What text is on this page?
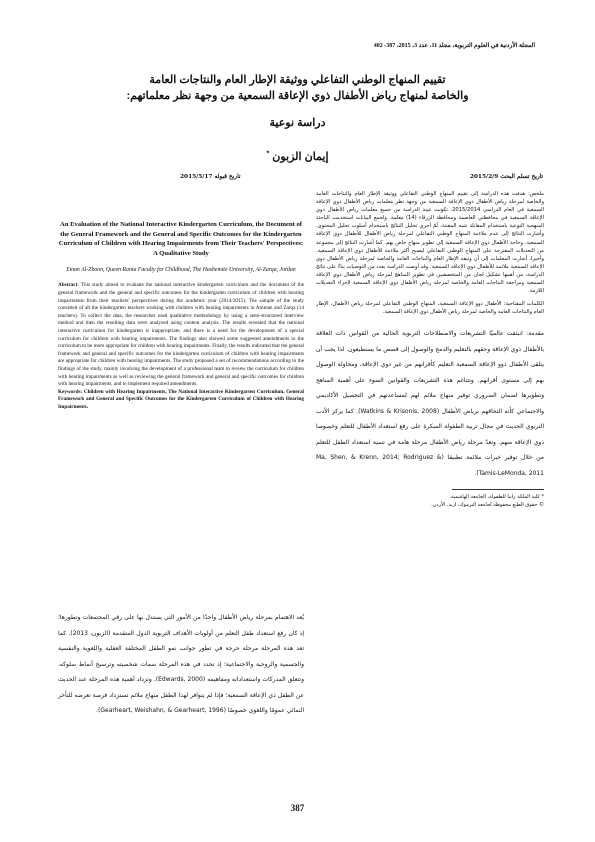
المجلة الأردنية في العلوم التربوية، مجلد 11، عدد 3، 2015، 387- 402
تقييم المنهاج الوطني التفاعلي ووثيقة الإطار العام والنتاجات العامة
والخاصة لمنهاج رياض الأطفال ذوي الإعاقة السمعية من وجهة نظر معلماتهم:
دراسة نوعية
إيمان الزبون *
تاريخ تسلم البحث 2015/2/9
تاريخ قبوله 2015/5/17
An Evaluation of the National Interactive Kindergarten Curriculum, the Document of the General Framework and the General and Specific Outcomes for the Kindergarten Curriculum of Children with Hearing Impairments from Their Teachers' Perspectives: A Qualitative Study
Eman Al-Zboon, Queen Rania Faculty for Childhood, The Hashemite University, Al-Zarqa, Jordan
Abstract: This study aimed to evaluate the national interactive kindergarten curriculum and the document of the general framework and the general and specific outcomes for the kindergarten curriculum of children with hearing impairments from their teachers' perspectives during the academic year (2014/2015). The sample of the study consisted of all the kindergarten teachers working with children with hearing impairments in Amman and Zarqa (14 teachers). To collect the data, the researcher used qualitative methodology by using a semi-structured interview method and then the resulting data were analyzed using content analysis. The results revealed that the national interactive curriculum for kindergarten is inappropriate, and there is a need for the development of a special curriculum for children with hearing impairments. The findings also showed some suggested amendments to the curriculum to be more appropriate for children with hearing impairments. Finally, the results indicated that the general framework and general and specific outcomes for the kindergarten curriculum of children with hearing impairments are appropriate for children with hearing impairments. The study proposed a set of recommendations according to the findings of the study, mainly involving the development of a professional team to review the curriculum for children with hearing impairments as well as reviewing the general framework and general and specific outcomes for children with hearing impairments, and to implement required amendments.
Keywords: Children with Hearing Impairments, The National Interactive Kindergarten Curriculum, General Framework and General and Specific Outcomes for the Kindergarten Curriculum of Children with Hearing Impairments.

ملخص: هدفت هذه الدراسة إلى تقييم المنهاج الوطني التفاعلي ووثيقة الإطار العام والنتاجات العامة والخاصة لمرحلة رياض الأطفال ذوي الإعاقة السمعية من وجهة نظر معلمات رياض الأطفال ذوي الإعاقة السمعية في العام الدراسي 2015/2014. تكونت عينة الدراسة من جميع معلمات رياض الأطفال ذوي الإعاقة السمعية في محافظتي العاصمة ومحافظة الزرقاء (14) معلمة. ولجمع البيانات استخدمت الباحثة المنهجية النوعية باستخدام المقابلة شبه المقننة، ثُمّ أجري تحليل النتائج باستخدام أسلوب تحليل المحتوى. وأشارت النتائج إلى عدم ملاءمة المنهاج الوطني التفاعلي لمرحلة رياض الأطفال للأطفال ذوي الإعاقة السمعية، وحاجة الأطفال ذوي الإعاقة السمعية إلى تطوير منهاج خاص بهم. كما أشارت النتائج إلى مجموعة من التعديلات المقترحة على المنهاج الوطني التفاعلي ليصبح أكثر ملاءمة للأطفال ذوي الإعاقة السمعية. وأخيرا، أشارت المعلمات إلى أن وثيقة الإطار العام والنتاجات العامة والخاصة لمرحلة رياض الأطفال ذوي الإعاقة السمعية ملائمة للأطفال ذوي الإعاقة السمعية. وقد أوصت الدراسة بعدد من التوصيات بناءً على نتائج الدراسة، من أهمها تشكيل لجان من المتخصصين في تطوير المناهج لمرحلة رياض الأطفال ذوي الإعاقة السمعية ومراجعة النتاجات العامة والخاصة لمرحلة رياض الأطفال ذوي الإعاقة السمعية لإجراء التعديلات اللازمة.

الكلمات المفتاحية: الأطفال ذوو الإعاقة السمعية، المنهاج الوطني التفاعلي لمرحلة رياض الأطفال، الإطار العام والنتاجات العامة والخاصة لمرحلة رياض الأطفال ذوي الإعاقة السمعية.

مقدمة: انبثقت عالميًا التشريعات والاصطلاحات التربوية الحالية من القوانين ذات العلاقة بالأطفال ذوي الإعاقة وحقهم بالتعليم والدمج والوصول إلى قصص ما يستطيعون. لذا يجب أن يتلقى الأطفال ذوو الإعاقة السمعية التعليم كأقرانهم من غير ذوي الإعاقة، ومحاولة الوصول بهم إلى مستوى أقرانهم. وتتناغم هذه التشريعات والقوانين الضوء على أهمية المناهج وتطويرها لضمان الضروري توفير منهاج ملائم لهم لمساعدتهم في التحصيل الأكاديمي والاجتماعي كأنه التحاقهم برياض الأطفال (Watkins & Krisonis, 2008). كما يركز الأدب التربوي الحديث في مجال تربية الطفولة المبكرة على رفع استعداد الأطفال للتعلم وخصوصا ذوي الإعاقة منهم. وتعدّ مرحلة رياض الأطفال مرحلة هامة في تنمية استعداد الطفل للتعلم من خلال توفير خبرات ملائمة تطبيقا (Ma, Shen, & Krenn, 2014; Rodriguez & Tamis-LeMonda, 2011).

* كلية الملكة رانيا للطفولة، الجامعة الهاشمية.
© حقوق الطبع محفوظة لجامعة اليرموك، اربد، الأردن.
يُعد الاهتمام بمرحلة رياض الأطفال واحدًا من الأمور التي يستدل بها على رقي المجتمعات وتطورها؛ إذ كان رفع استعداد طفل التعلم من أولويات الأهداف التربوية الدول المتقدمة (الزبون، 2013). كما تعد هذه المرحلة مرحلة حرجة في تطور جوانب نمو الطفل المختلفة العقلية واللغوية والنفسية والجسمية والروحية والاجتماعية؛ إذ تحدد في هذه المرحلة سمات شخصيته وترسيخ أنماط سلوكه، وتتعلق المدركات واستعداداته ومفاهيمه (Edwards, 2000). وتزداد أهمية هذه المرحلة عند الحديث عن الطفل ذي الإعاقة السمعية؛ فإذا لم يتوافر لهذا الطفل منهاج ملائم تستزداد فرصة تعرضه للتأخر النمائي عمومًا واللغوي خصوصًا (Gearheart, Weishahn, & Gearheart, 1996).
387
